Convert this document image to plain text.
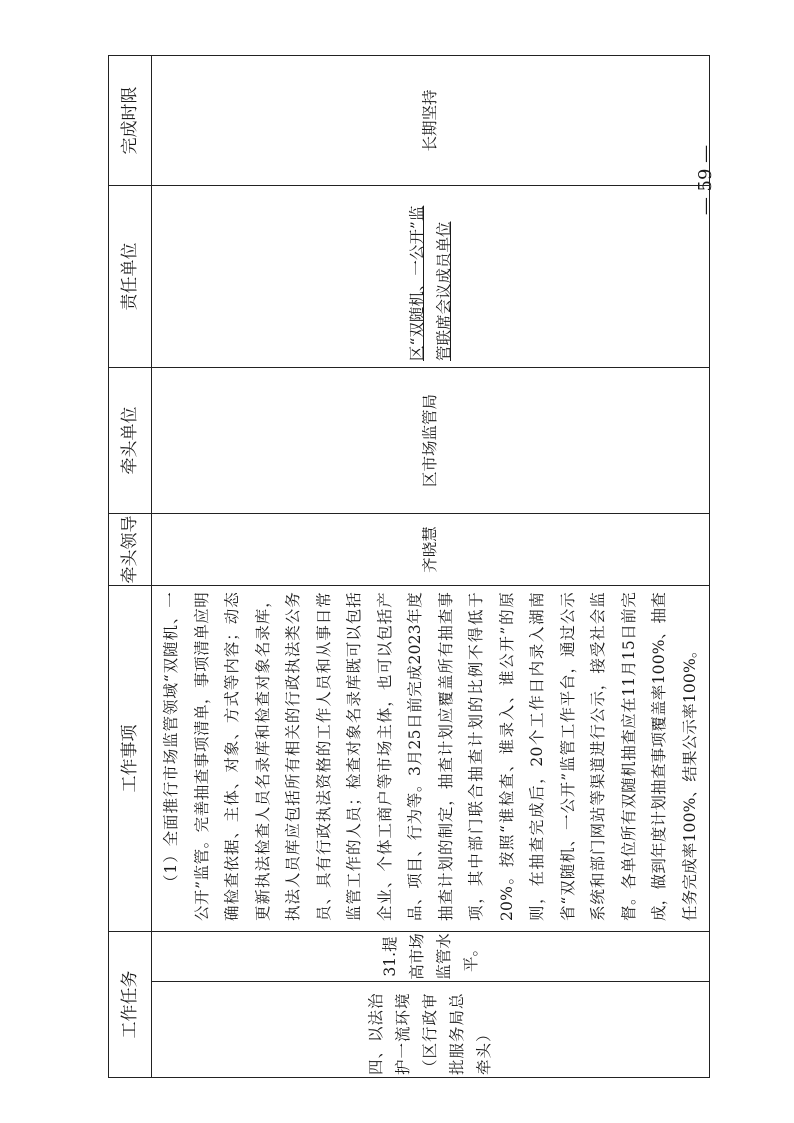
工作任务		工作事项	牵头领导	牵头单位	责任单位	完成时限
四、以法治护一流环境（区行政审批服务局总牵头）	31.提高市场监管水平。	（1）全面推行市场监管领域“双随机、一公开”监管。完善抽查事项清单，事项清单应明确检查依据、主体、对象、方式等内容；动态更新执法检查人员名录库和检查对象名录库，执法人员库应包括所有相关的行政执法类公务员、具有行政执法资格的工作人员和从事日常监管工作的人员；检查对象名录库既可以包括企业、个体工商户等市场主体，也可以包括产品、项目、行为等。3月25日前完成2023年度抽查计划的制定，抽查计划应覆盖所有抽查事项，其中部门联合抽查计划的比例不得低于20%。按照“谁检查、谁录入、谁公开”的原则，在抽查完成后，20个工作日内录入湖南省“双随机、一公开”监管工作平台，通过公示系统和部门网站等渠道进行公示，接受社会监督。各单位所有双随机抽查应在11月15日前完成，做到年度计划抽查事项覆盖率100%、抽查任务完成率100%、结果公示率100%。	齐晓慧	区市场监管局	区“双随机、一公开”监管联席会议成员单位	长期坚持
— 59 —
